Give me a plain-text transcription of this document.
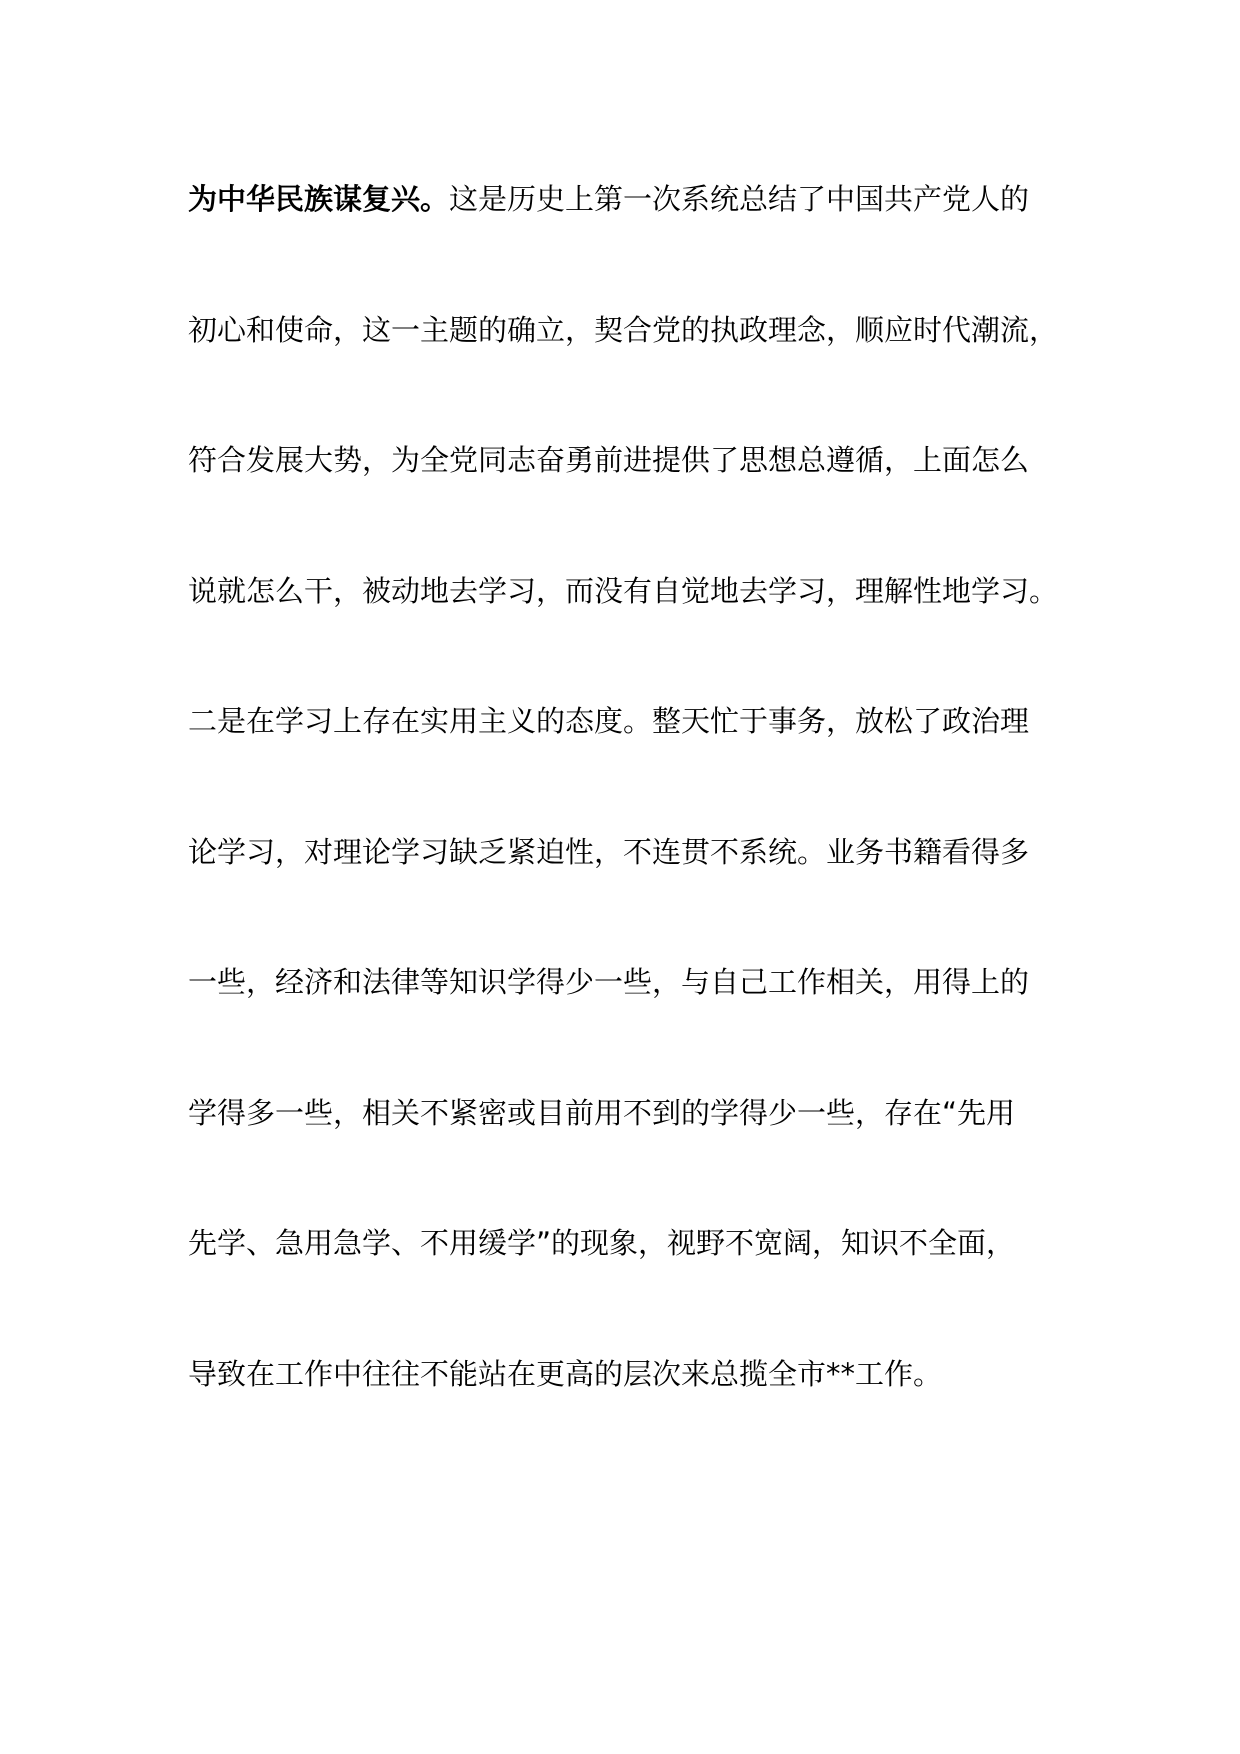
为中华民族谋复兴。这是历史上第一次系统总结了中国共产党人的
初心和使命，这一主题的确立，契合党的执政理念，顺应时代潮流，
符合发展大势，为全党同志奋勇前进提供了思想总遵循，上面怎么
说就怎么干，被动地去学习，而没有自觉地去学习，理解性地学习。
二是在学习上存在实用主义的态度。整天忙于事务，放松了政治理
论学习，对理论学习缺乏紧迫性，不连贯不系统。业务书籍看得多
一些，经济和法律等知识学得少一些，与自己工作相关，用得上的
学得多一些，相关不紧密或目前用不到的学得少一些，存在“先用
先学、急用急学、不用缓学”的现象，视野不宽阔，知识不全面，
导致在工作中往往不能站在更高的层次来总揽全市**工作。
